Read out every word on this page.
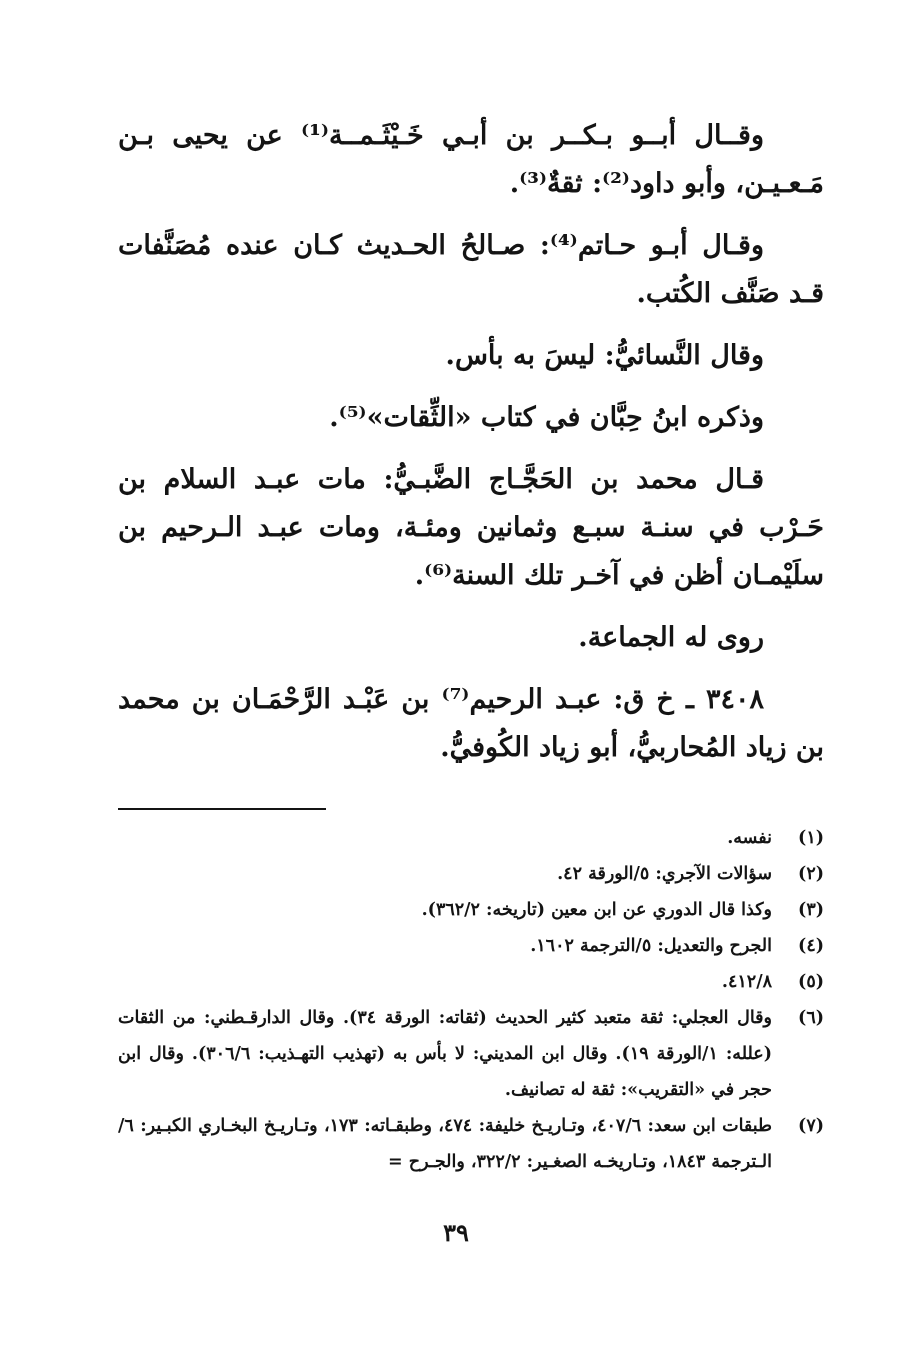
وقــال أبــو بـكــر بن أبـي خَـيْثَـمــة⁽¹⁾ عن يحيى بـن مَـعـيـن، وأبو داود⁽²⁾: ثقةٌ⁽³⁾.

وقـال أبـو حـاتم⁽⁴⁾: صـالحُ الحـديث كـان عنده مُصَنَّفات قـد صَنَّف الكُتب.

وقال النَّسائيُّ: ليسَ به بأس.

وذكره ابنُ حِبَّان في كتاب «الثِّقات»⁽⁵⁾.

قـال محمد بن الحَجَّـاج الضَّبـيُّ: مات عبـد السلام بن حَـرْب في سنـة سبـع وثمانين ومئـة، ومات عبـد الـرحيم بن سلَيْمـان أظن في آخـر تلك السنة⁽⁶⁾.

روى له الجماعة.

٣٤٠٨ ـ خ ق: عبـد الرحيم⁽⁷⁾ بن عَبْـد الرَّحْمَـان بن محمد بن زياد المُحاربيُّ، أبو زياد الكُوفيُّ.

(١)
نفسه.
(٢)
سؤالات الآجري: ٥/الورقة ٤٢.
(٣)
وكذا قال الدوري عن ابن معين (تاريخه: ٣٦٢/٢).
(٤)
الجرح والتعديل: ٥/الترجمة ١٦٠٢.
(٥)
٤١٢/٨.
(٦)
وقال العجلي: ثقة متعبد كثير الحديث (ثقاته: الورقة ٣٤). وقال الدارقـطني: من الثقات (علله: ١/الورقة ١٩). وقال ابن المديني: لا بأس به (تهذيب التهـذيب: ٣٠٦/٦). وقال ابن حجر في «التقريب»: ثقة له تصانيف.
(٧)
طبقات ابن سعد: ٤٠٧/٦، وتـاريـخ خليفة: ٤٧٤، وطبقـاته: ١٧٣، وتـاريـخ البخـاري الكبـير: ٦/الـترجمة ١٨٤٣، وتـاريخـه الصغـير: ٣٢٢/٢، والجـرح =
٣٩
